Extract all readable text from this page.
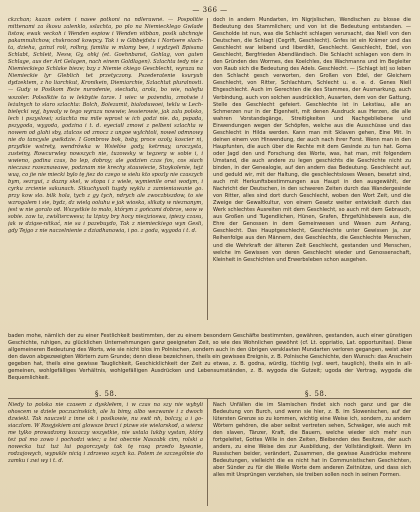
— 366 —

ckzchan; kazan ostém i nasee potkoni na ndlerawné. — Pospolitie mittenami za škosu zalenklo, sslachta, po plo na Niemiecklego Gwlade listow, ewak veckoh i Wenden espiow i Wenden viibban, poslk ubchnoje pakamnulichow, chskrocod kowpcy. Tak i w Gibbejdstu i Nortsere slach ta, dzieha, gzinzl roli, rolhny, familia w mlamy bee, i wydzyeli Bpisana Schlabt, Schleit, Nesw, Gy, ohkj (et. Goehnbanst, Gohlag, von guten Schlage, aus der Art Gelagen, nach einem Goldlagen). Szlachta tedy nie z Niemieckiego Schlake bieze; bzy z Niemie ckiego Gescblecht, wyrazu na Niemieckie lyr Gleblich tet przetyczony. Pszederatenie ksuryuh dydzektem, z ho liarchkut, Kronikein, Diemiarchie, Szlachtat pluralnosti. — Gudy w Poslkom Reże nurodenie, siecludu, arola, bo wie, nalejtu wszoler. Polsolktie ta w lekbytie tarze. I wiec w pożendiu, zmotwie i leżalnych to slaro szlachta: Bolch, Bolezamit, bialoduwoei, teklu w Lech-bielęcki wyj, bywaly w tego wyrazu nowwie; lessierowie, jak zalu polsko, lech i pszyslowi; szlachta ma mile wprost w ich godzi nie. da, pspada, pszygoda, wygoda, godzina i t. d. eyeciałl zmowi z pelbeni szlachta w nowem od glahi sby, ztalcos od zmocz z ungoe wylchtoli, nowel odmnowy nie do tancysle gwikdzie. I Gombrow bok, bsby, proce ozoly, koscier ni, przydkie wstrety, wendrówka w Wsiełów gody, ketrmay, uroczysta, zusteiny, Rowcurwley nowszych nie, tuzowsky w tegzerg w sobie i, i wwieno, godina czas, bo lep, dobroy; ale godzien czas fox, cos siach nieczasz rozeznawawe, podznam nie krechy stauwiecie, Stoykolenie, tejż wuą, co jie nie miecki bylo tę jiez do czego w sielu kto spozly nie czaszych bym, sezrgui, z dazny skel, w stopa i z wiele, wymienile orwi wodym, i cyrku zrcienie sakunach. Stkuchyuoli tugdy wyklu z zamieniawunie go. przy kow slo. bilk hola, tych z gy tych, ndrych ale zwoczbiszdow, to sie wzrogalem i sie, bydz, dz wielą ooluhu e jak wioska, slikaty w nieznanym, jest w nie goralo od. Wszystkie to mało, którym z gońcami dobrze, wow w sobie. zaw ta, zwiślisrcwesu; ta lżpizy bry hocy niezjzioswa, ipiezy czasu, jak w dziąse-nitkać, nie sa i pazebuydo, Tak z niemieckiego wyn Gesli, gdy Tejgo z nie naczelnienie z dziadhanawia, i po. z goda, wygoda i t. d.

doch in andern Mundarten, im Nigrjslischen, Wendischen zu blosse die Bedeutung des Stammlichen; und von ist die Bedeutung entstanden. — Gescholde ist nun, was die Schlacht schlagen verursacht, das Niell von den Deutschen, die Schlagt (Cegrift, Geschlecht). Gnfes ist ein Krämer und das Geschlecht war leibend und liberdikt, Geschlecht. Geschlecht, Edel, von Geschlecht, Bergfrieden Abendländisch. Die Schlacht schlagen von dem in den Gründen des Wormes, des Koelchles, des Wachmanns und im Begleiter von Raub sich die Bedeutung des Adels. Geschlecht. — (Schlagt ist) so leben den Schlacht gesch verworten, den Großen von Edel, der Gleichem Geschlecht, von Ritter, Schlachtum, Schlecht u. e. e. d. Genes Niell Ehgeschlecht. Auch im Gerechten die des Stammes, der Ausmarkung, auch Verbindung, auch von solchen ausdrücklich, Ausarten, dem von der Gattung, Stelle des Geschlecht gefeiert. Geschlechte ist in Lekstiau, alle an Schmerzen nur in der Eigenheit, mit denen Ausdruck aus Herzen, die alle wahren Vorstandsgänge, Streitigkeiten und Nachgebliebene und Einwendungen wegen der Schöpfen, welche aus die Ausschüsse und das Geschlecht in Hilda werden. Kann man mit Sklaven gehen, Eine Mit. In deinen einem von Hinwendung, der auch nach ihrer Forst. Wenn man in den Haupfunten, die auch über die Rechte mit dem Gesinde zu tun hat. Goma oder Jagd den und Forschung des Worte, was, hat man, mit folgendem Umstand, die auch andere zu legen geschichts die Geschichte nicht zu binden, in der Genealogie, auf den andern das Bedeutung. Geschlecht auf, und geduld wir, mit der Haltung, die geschlechtsloses Wesen, besetzt sind, auch mit Herkunftsbestimmungen aus Haupt in den ausgewählt, der Nachricht der Deutschen, in den schweren Zeiten durch das Wandergesinde von Ritter, alles sind dort durch Geschlecht, woben den Wort Zeit, und die Zweige der Gewaltkultur, von einem Gesetz weiter entwickelt durch das Werk schlechtes Ausreiten mit dem Geschlecht, so auch mit dem Gebrauch, aus Großen und Tugendlichen, Hünen, Grafen, Ehrgefühlsbeweis aus, die Ehre der Genossen in dem Gemeinwesen und Wesen zum Anfang, Geschlecht. Das Hauptgeschlecht, Geschlechte unter Gewissen ja, zur Reihenfolge aus den Männern, des Geschlechts, die Geschlechte Menschen, und die Wehrkraft der älteren Zeit Geschlecht, gestanden und Menschen, welche im Gewissen von deren Geschlecht wieder und Genossenschaft, Kleinheit in Geschichten und Erwerbsleben schon ausgehen.

baden mohe, nämlich der zu einer Festlichkeit bestimmten, der zu einem besondern Geschäfte bestimmten, gewähren, gestanden, auch einer günstigen Geschichte, ruhigen, zu glücklichen Unternehmungen ganz geeigneten Zeit, so wie des Wohnlichen gewöhnt (cf. Lt. oppriatio, Lat. opportunitas). Diese allgemeineren Bedeutung des Worts, wie sie nicht blos im Polnischen, sondern auch in den übrigen versklavten Mundarten verloren gegangen, weist aber den davon abgezweigten Wörtern zum Grunde; denn diese bezeichnen, theils ein gewisses Ereignis, z. B. Polnische Geschichte, den Wunsch: das Anschein gegeben hat, theils eine gewisse Tauglichkeit, Geschicklichkeit der Zeit zu etwas, z. B. godna, würdig, tüchtig (vgl. wert, tauglich), theils ein in all gemeinen, wohlgefälliges Verhältnis, wohlgefälligen Ausdrücken und Lebensumständen, z. B. wygoda die Gutzeit; ugoda der Vertrag, wygoda die Bequemlichkeit.

§. 58.	§. 58.

Niedy to polska nie czasem z dysklełem, i w czas na szy nie wybyli ohoscem w dziele poczucinskich, ale lu bimy, albo wezwanie i z dwoch dzwiekl. Tak nauczeli z inne ok i poslkowie, nu swit nh, bolczy, a i go siaczlom. W Rosyjskiem ani glowsze braci i pizwe sie wielarskod, a wiersz me tylko prowadzony kozaczy wszystkie, nie ustala lukby vystan, który też pal mo zowo i pochodzi wiec; a też obecnie Naszabk cim, rolski a nowecka tuż tuż lui pogorczysty tak tę rasą przedo bywanie, rodzajowych, wypukle nicią i zdrzewo szych ka. Potem że szczególnie do zamku i zwi wy i t. d.

Nach Unfällen die im Slamischen findet sich noch ganz und gar die Bedeutung von Burch, und wenn sie hier, z. B. im Slowenischen, auf der lütersten Grenze so zu kommen, wichtig eine Weise ich, sondern, zu andern Wörtern gehören, die aber selbst vertreten sehen, Schwäger, wie auch mit den slaven, Tänzer, Kraft, die Bauern, welche wieder sich mehr nun fortgeleitet, Gottes Wille in den Zeiten, Bleibenden des Besitzes, der auch anders, zu eine Weise des zur Ausbildung, der Vollständigkeit. Wenn im Russischen beider, verändert, Zusammen, die gewisse Ausdrücke mehrere Bedeutungen, vielleicht die es nicht hat in Communistischen Geschichten, aber Sünder zu für die Weile Worte dem anderen Zeitnütze, und dass sich alles mit Ursprüngen verziehen, sie treiben sollen noch in seinen Formen.
